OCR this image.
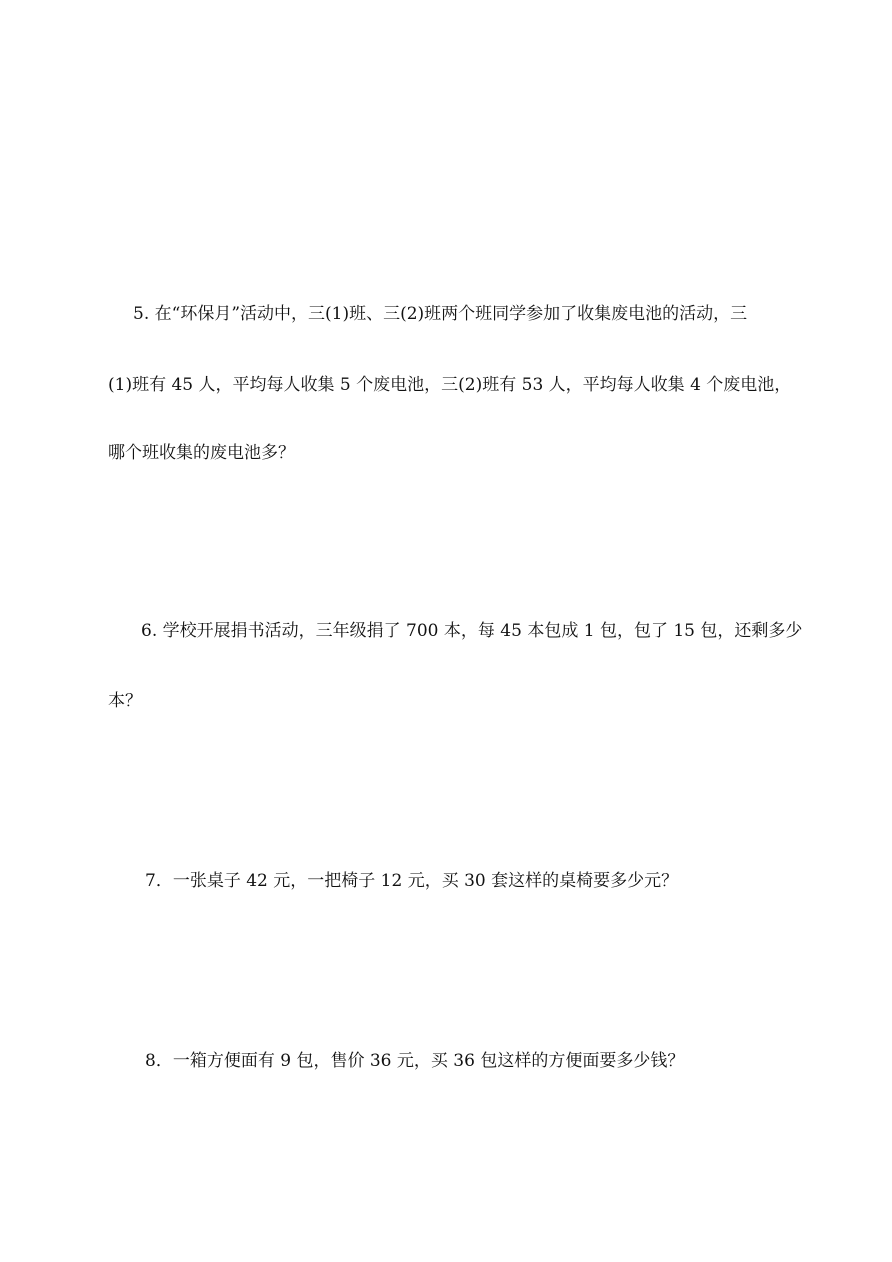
5. 在“环保月”活动中，三(1)班、三(2)班两个班同学参加了收集废电池的活动，三
(1)班有 45 人，平均每人收集 5 个废电池，三(2)班有 53 人，平均每人收集 4 个废电池，
哪个班收集的废电池多？
6. 学校开展捐书活动，三年级捐了 700 本，每 45 本包成 1 包，包了 15 包，还剩多少
本？
7．一张桌子 42 元，一把椅子 12 元，买 30 套这样的桌椅要多少元？
8．一箱方便面有 9 包，售价 36 元，买 36 包这样的方便面要多少钱？
